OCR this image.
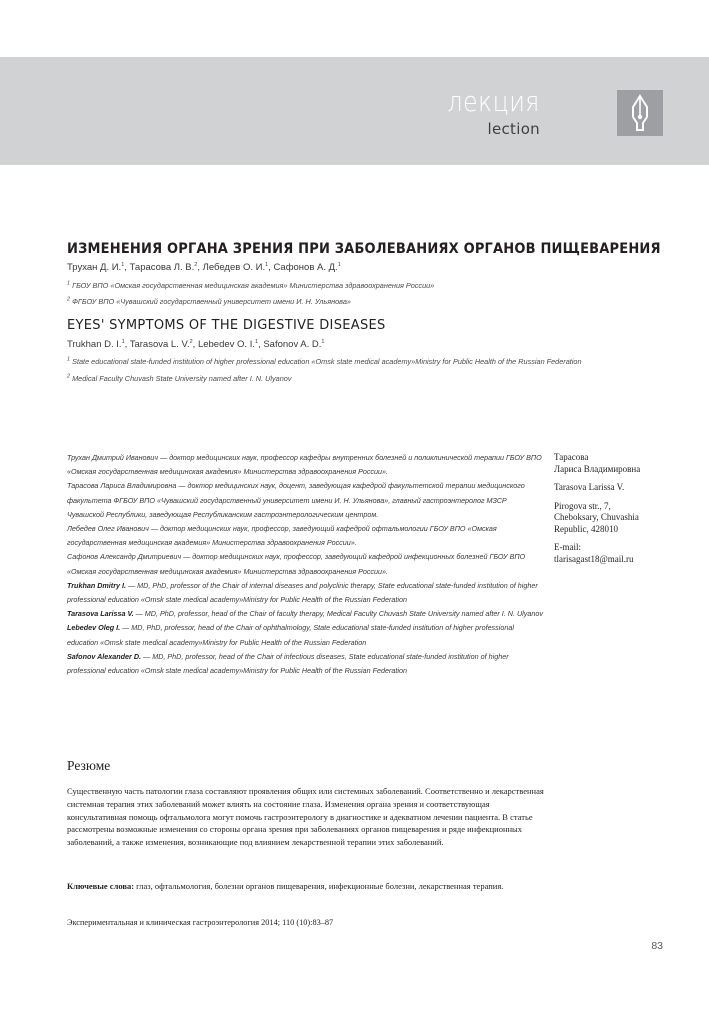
лекция
lection
ИЗМЕНЕНИЯ ОРГАНА ЗРЕНИЯ ПРИ ЗАБОЛЕВАНИЯХ ОРГАНОВ ПИЩЕВАРЕНИЯ
Трухан Д. И.$^1$, Тарасова Л. В.$^2$, Лебедев О. И.$^1$, Сафонов А. Д.$^1$
$^1$ ГБОУ ВПО «Омская государственная медицинская академия» Министерства здравоохранения России»
$^2$ ФГБОУ ВПО «Чувашский государственный университет имени И. Н. Ульянова»
EYES' SYMPTOMS OF THE DIGESTIVE DISEASES
Trukhan D. I.$^1$, Tarasova L. V.$^2$, Lebedev O. I.$^1$, Safonov A. D.$^1$
$^1$ State educational state-funded institution of higher professional education «Omsk state medical academy»Ministry for Public Health of the Russian Federation
$^2$ Medical Faculty Chuvash State University named after I. N. Ulyanov

Трухан Дмитрий Иванович — доктор медицинских наук, профессор кафедры внутренних болезней и поликлинической терапии ГБОУ ВПО «Омская государственная медицинская академия» Министерства здравоохранения России».

Тарасова Лариса Владимировна — доктор медицинских наук, доцент, заведующая кафедрой факультетской терапии медицинского факультета ФГБОУ ВПО «Чувашский государственный университет имени И. Н. Ульянова», главный гастроэнтеролог МЗСР Чувашской Республики, заведующая Республиканским гастроэнтерологическим центром.

Лебедев Олег Иванович — доктор медицинских наук, профессор, заведующий кафедрой офтальмологии ГБОУ ВПО «Омская государственная медицинская академия» Министерства здравоохранения России».

Сафонов Александр Дмитриевич — доктор медицинских наук, профессор, заведующий кафедрой инфекционных болезней ГБОУ ВПО «Омская государственная медицинская академия» Министерства здравоохранения России».

Trukhan Dmitry I. — MD, PhD, professor of the Chair of internal diseases and polyclinic therapy, State educational state-funded institution of higher professional education «Omsk state medical academy»Ministry for Public Health of the Russian Federation

Tarasova Larissa V. — MD, PhD, professor, head of the Chair of faculty therapy, Medical Faculty Chuvash State University named after I. N. Ulyanov

Lebedev Oleg I. — MD, PhD, professor, head of the Chair of ophthalmology, State educational state-funded institution of higher professional education «Omsk state medical academy»Ministry for Public Health of the Russian Federation

Safonov Alexander D. — MD, PhD, professor, head of the Chair of infectious diseases, State educational state-funded institution of higher professional education «Omsk state medical academy»Ministry for Public Health of the Russian Federation

Тарасова
Лариса Владимировна
Tarasova Larissa V.
Pirogova str., 7,
Cheboksary, Chuvashia
Republic, 428010
E-mail:
tlarisagast18@mail.ru
Резюме
Существенную часть патологии глаза составляют проявления общих или системных заболеваний. Соответственно и лекарственная системная терапия этих заболеваний может влиять на состояние глаза. Изменения органа зрения и соответствующая консультативная помощь офтальмолога могут помочь гастроэнтерологу в диагностике и адекватном лечении пациента. В статье рассмотрены возможные изменения со стороны органа зрения при заболеваниях органов пищеварения и ряде инфекционных заболеваний, а также изменения, возникающие под влиянием лекарственной терапии этих заболеваний.
Ключевые слова: глаз, офтальмология, болезни органов пищеварения, инфекционные болезни, лекарственная терапия.
Экспериментальная и клиническая гастроэнтерология 2014; 110 (10):83–87
83
